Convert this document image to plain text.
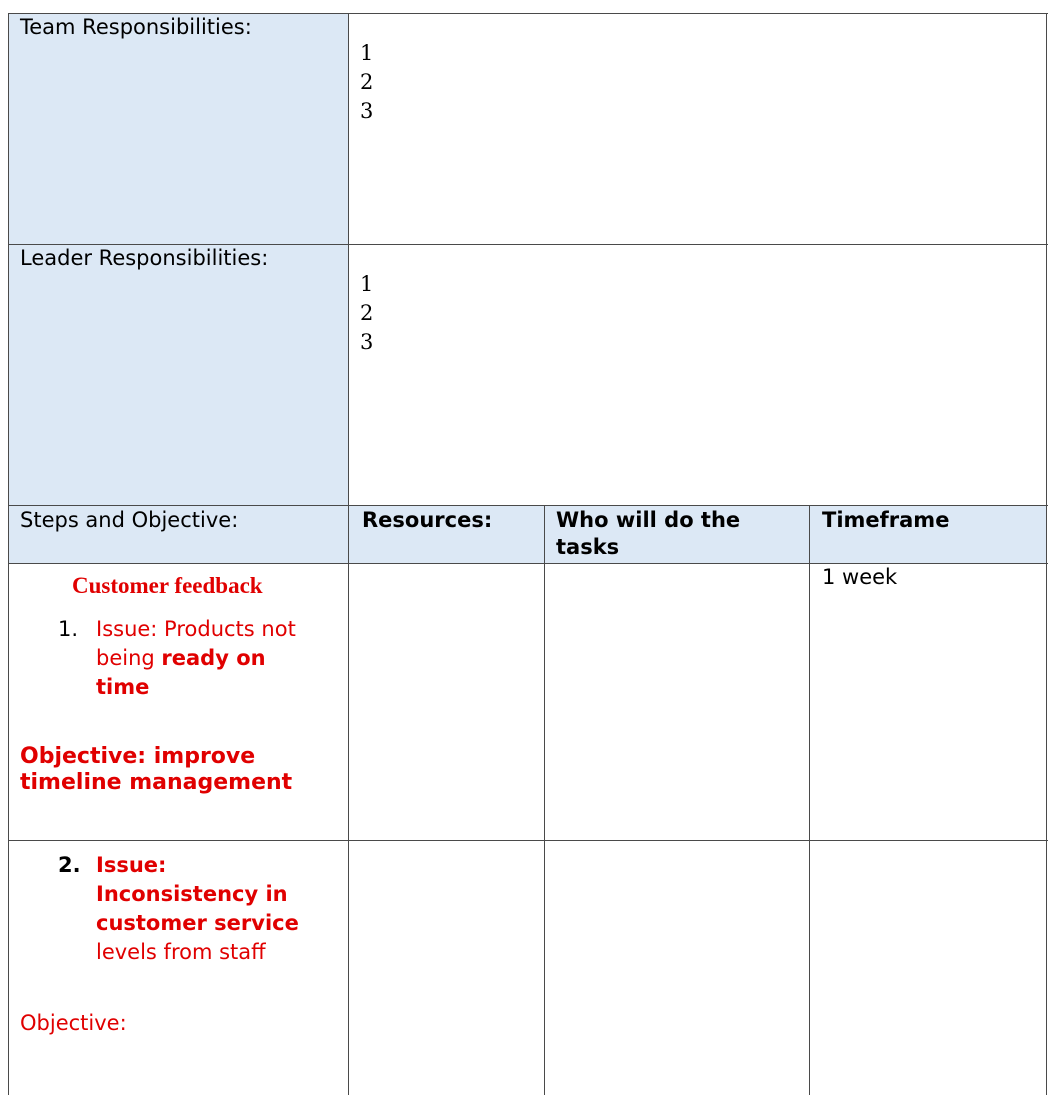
Team Responsibilities:
1
2
3
Leader Responsibilities:
1
2
3
Steps and Objective:	Resources:	Who will do the tasks
Timeframe
Customer feedback
1. Issue: Products not being ready on time
Objective: improve timeline management
1 week
2. Issue: Inconsistency in customer service levels from staff
Objective:
